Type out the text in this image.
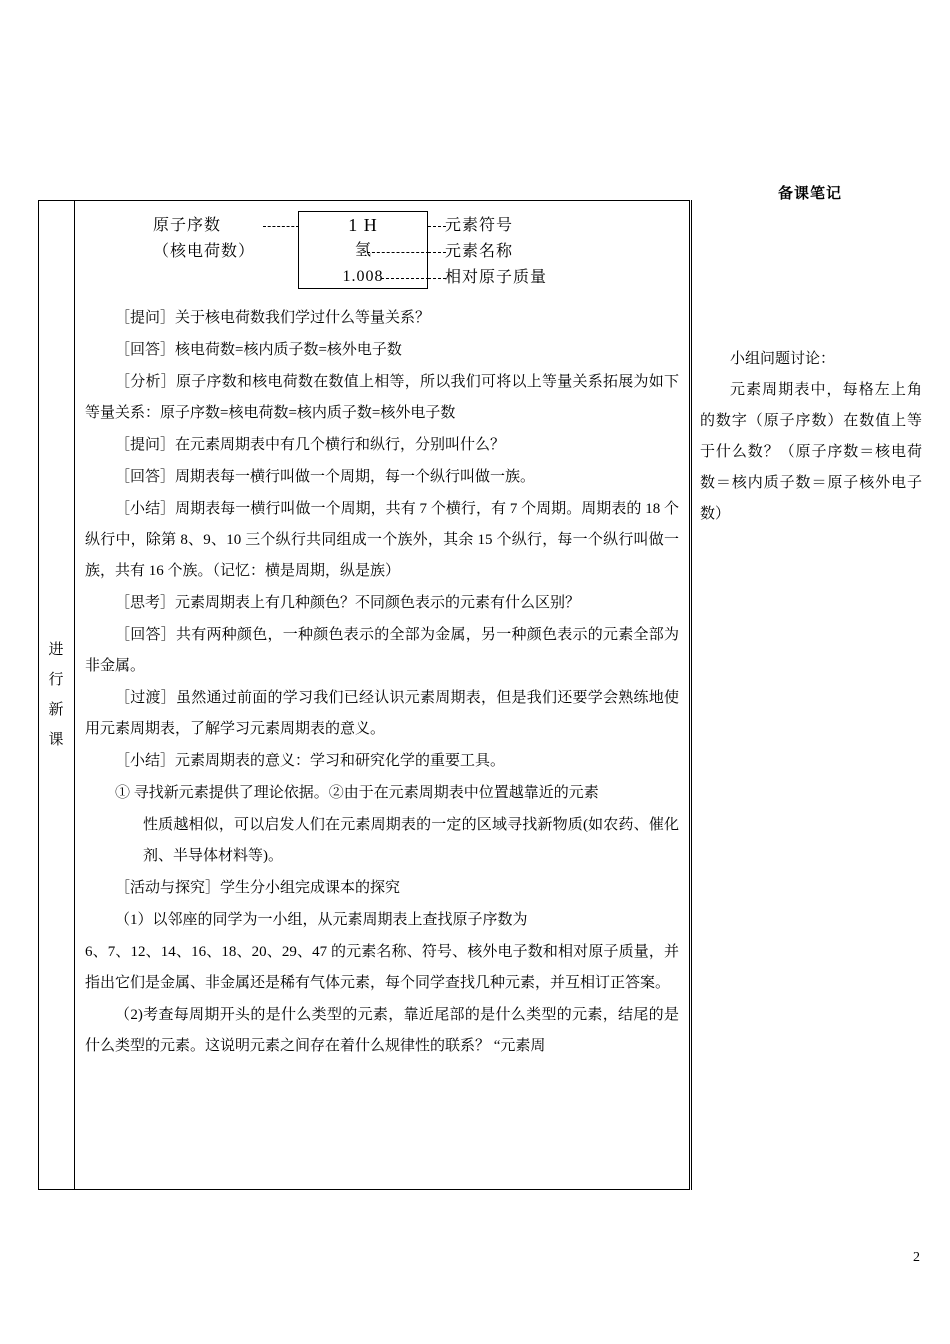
备课笔记
进
行
新
课
原子序数
（核电荷数）
1 H
氢
1.008
元素符号
元素名称
相对原子质量

［提问］关于核电荷数我们学过什么等量关系？

［回答］核电荷数=核内质子数=核外电子数

［分析］原子序数和核电荷数在数值上相等，所以我们可将以上等量关系拓展为如下等量关系：原子序数=核电荷数=核内质子数=核外电子数

［提问］在元素周期表中有几个横行和纵行，分别叫什么？

［回答］周期表每一横行叫做一个周期，每一个纵行叫做一族。

［小结］周期表每一横行叫做一个周期，共有 7 个横行，有 7 个周期。周期表的 18 个纵行中，除第 8、9、10 三个纵行共同组成一个族外，其余 15 个纵行，每一个纵行叫做一族，共有 16 个族。（记忆：横是周期，纵是族）

［思考］元素周期表上有几种颜色？不同颜色表示的元素有什么区别？

［回答］共有两种颜色，一种颜色表示的全部为金属，另一种颜色表示的元素全部为非金属。

［过渡］虽然通过前面的学习我们已经认识元素周期表，但是我们还要学会熟练地使用元素周期表，了解学习元素周期表的意义。

［小结］元素周期表的意义：学习和研究化学的重要工具。

① 寻找新元素提供了理论依据。②由于在元素周期表中位置越靠近的元素

性质越相似，可以启发人们在元素周期表的一定的区域寻找新物质(如农药、催化剂、半导体材料等)。

［活动与探究］学生分小组完成课本的探究

（1）以邻座的同学为一小组，从元素周期表上查找原子序数为

6、7、12、14、16、18、20、29、47 的元素名称、符号、核外电子数和相对原子质量，并指出它们是金属、非金属还是稀有气体元素，每个同学查找几种元素，并互相订正答案。

（2)考查每周期开头的是什么类型的元素，靠近尾部的是什么类型的元素，结尾的是什么类型的元素。这说明元素之间存在着什么规律性的联系？ “元素周

小组问题讨论：

元素周期表中，每格左上角的数字（原子序数）在数值上等于什么数？（原子序数＝核电荷数＝核内质子数＝原子核外电子数）

2
